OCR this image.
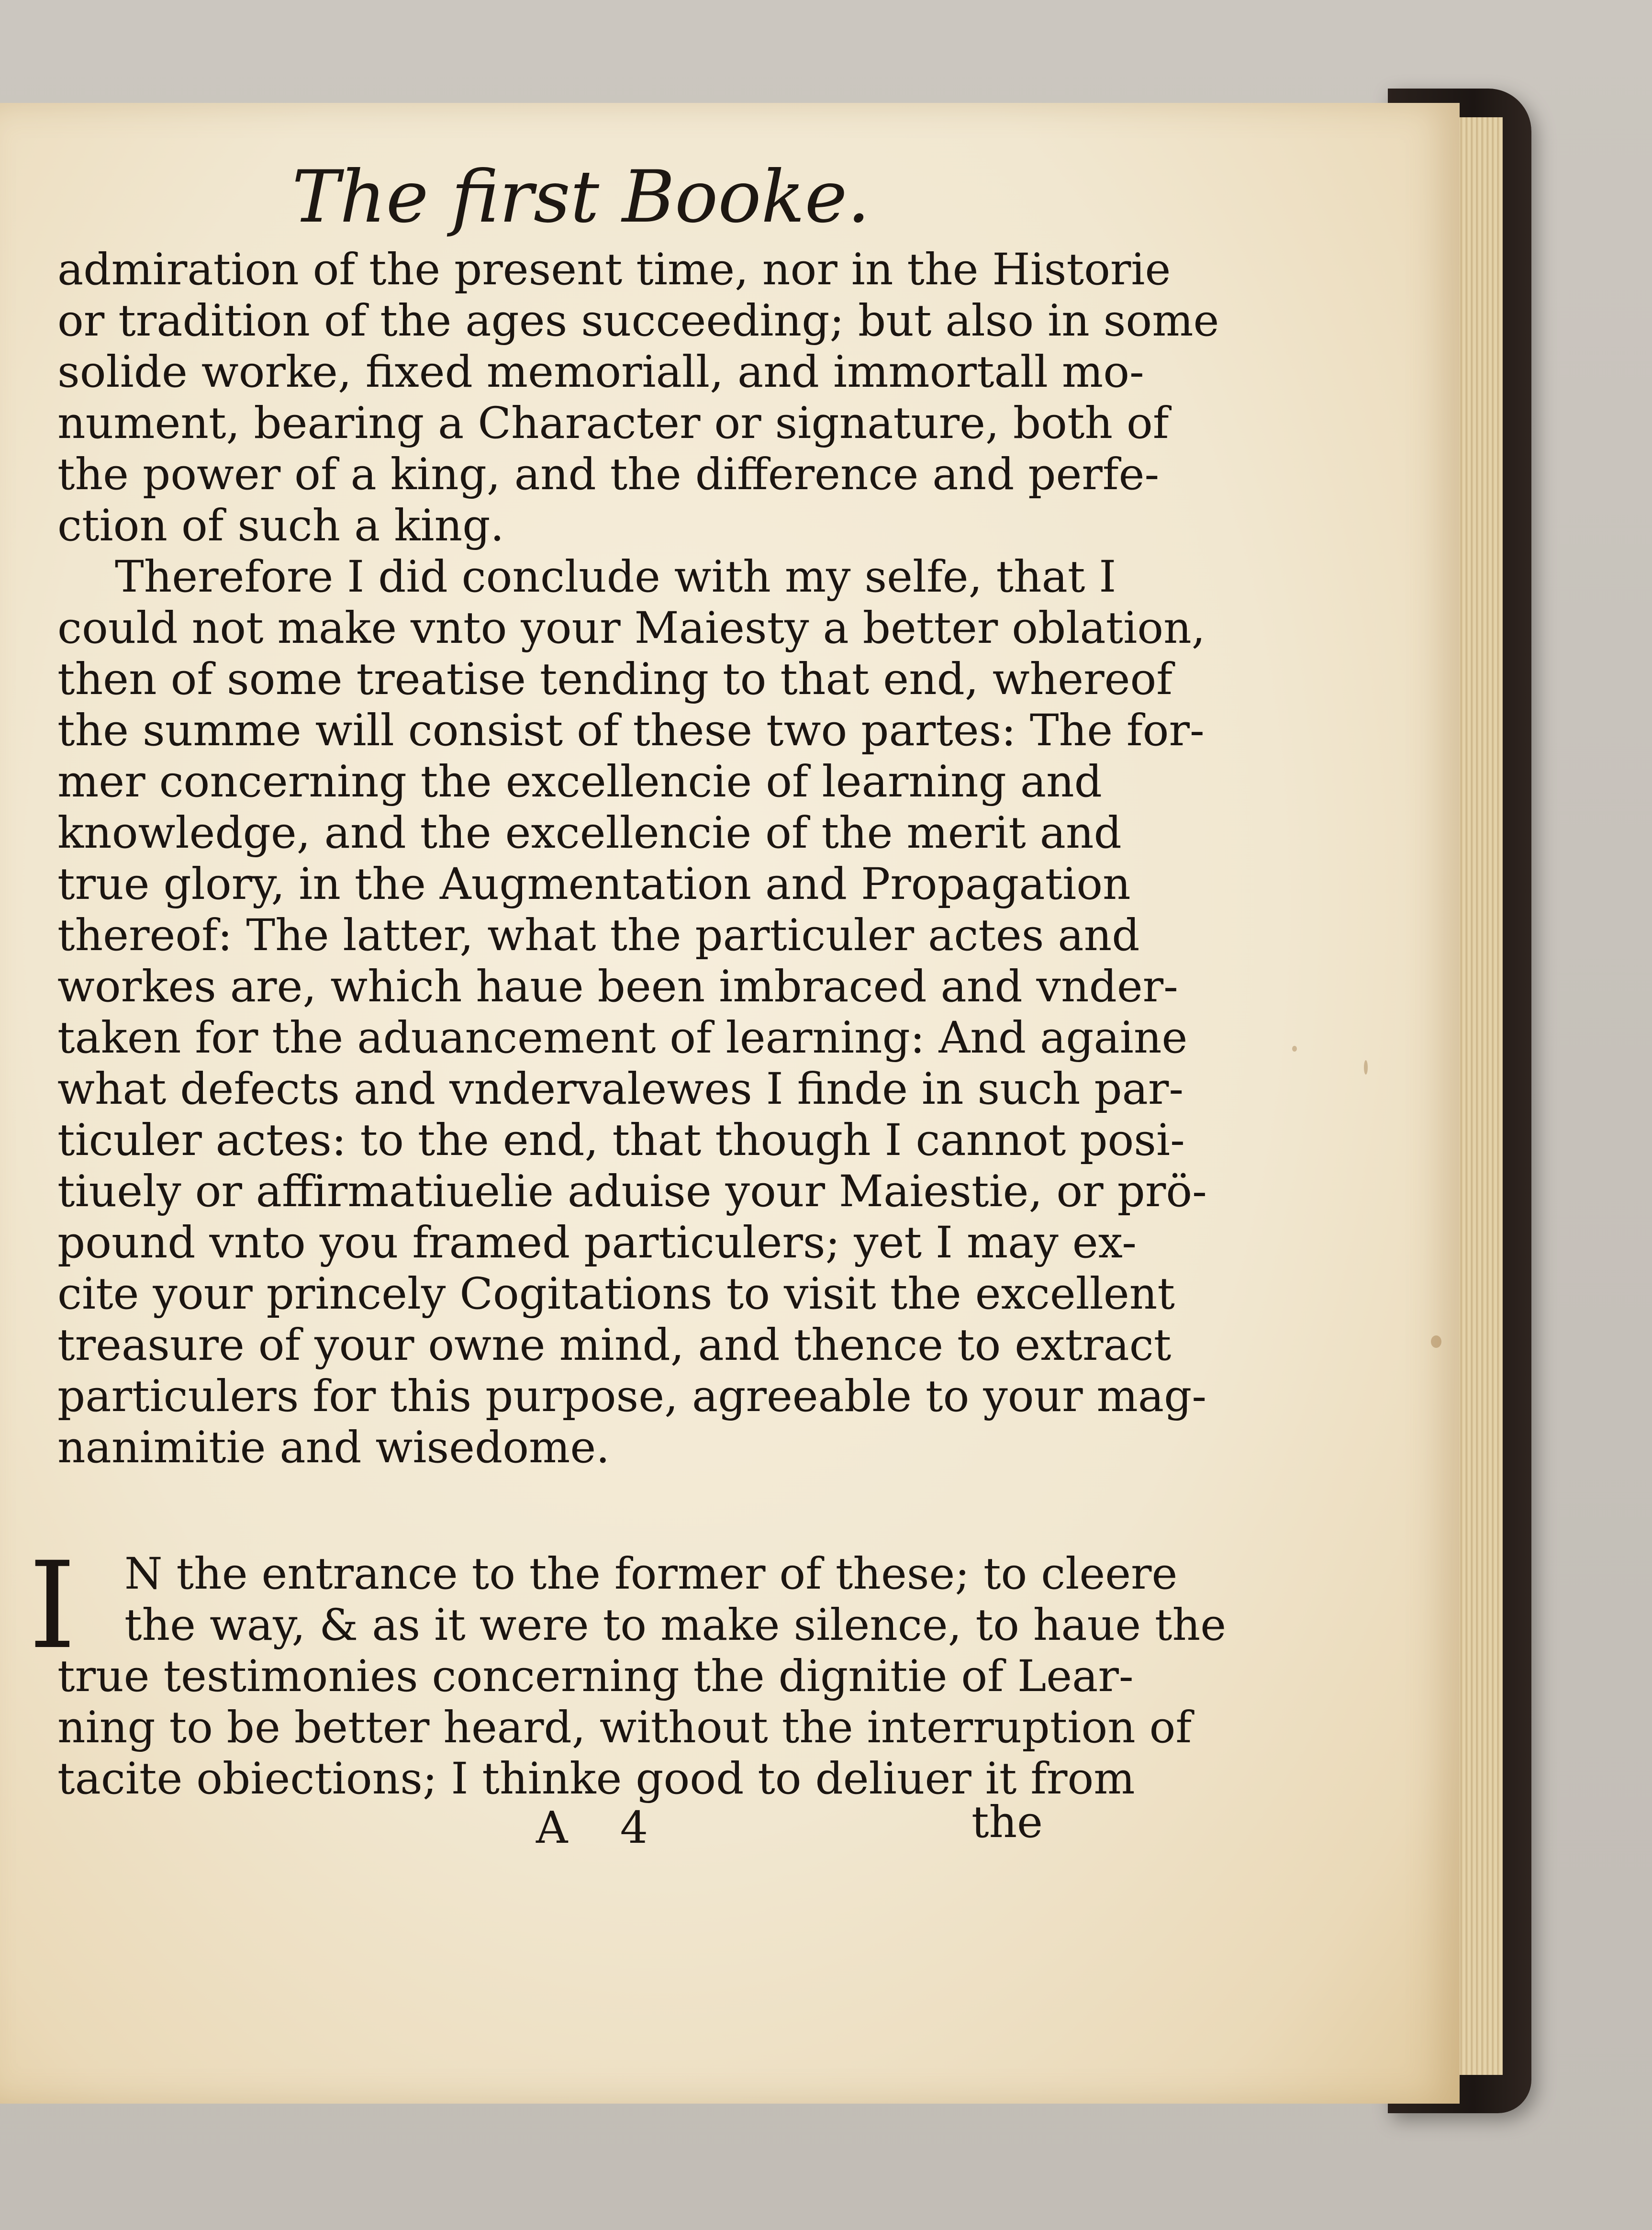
The first Booke.
admiration of the present time, nor in the Historie
or tradition of the ages succeeding; but also in some
solide worke, fixed memoriall, and immortall mo-
nument, bearing a Character or signature, both of
the power of a king, and the difference and perfe-
ction of such a king.
Therefore I did conclude with my selfe, that I
could not make vnto your Maiesty a better oblation,
then of some treatise tending to that end, whereof
the summe will consist of these two partes: The for-
mer concerning the excellencie of learning and
knowledge, and the excellencie of the merit and
true glory, in the Augmentation and Propagation
thereof: The latter, what the particuler actes and
workes are, which haue been imbraced and vnder-
taken for the aduancement of learning: And againe
what defects and vndervalewes I finde in such par-
ticuler actes: to the end, that though I cannot posi-
tiuely or affirmatiuelie aduise your Maiestie, or prö-
pound vnto you framed particulers; yet I may ex-
cite your princely Cogitations to visit the excellent
treasure of your owne mind, and thence to extract
particulers for this purpose, agreeable to your mag-
nanimitie and wisedome.
I	N the entrance to the former of these; to cleere
the way, & as it were to make silence, to haue the
true testimonies concerning the dignitie of Lear-
ning to be better heard, without the interruption of
tacite obiections; I thinke good to deliuer it from
A 4	the
